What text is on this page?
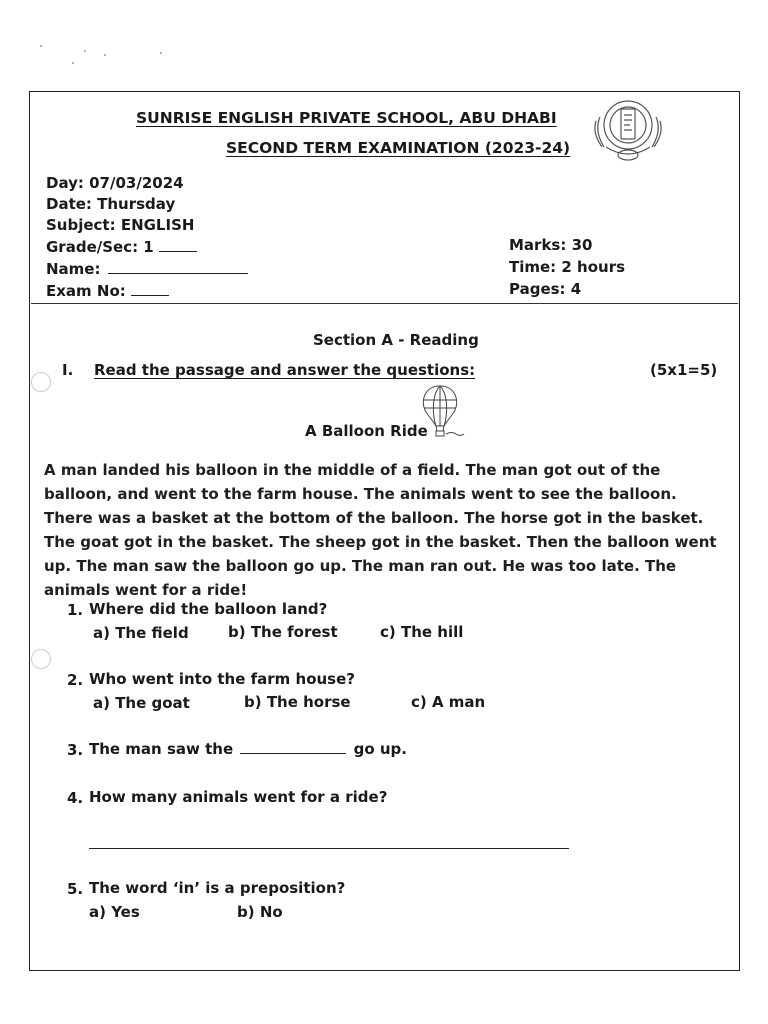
SUNRISE ENGLISH PRIVATE SCHOOL, ABU DHABI
SECOND TERM EXAMINATION (2023-24)
Day: 07/03/2024
Date: Thursday
Subject: ENGLISH
Grade/Sec: 1
Name:
Exam No:
Marks: 30
Time: 2 hours
Pages: 4
Section A - Reading
I. Read the passage and answer the questions:	(5x1=5)
A Balloon Ride
A man landed his balloon in the middle of a field. The man got out of the balloon, and went to the farm house. The animals went to see the balloon. There was a basket at the bottom of the balloon. The horse got in the basket. The goat got in the basket. The sheep got in the basket. Then the balloon went up. The man saw the balloon go up. The man ran out. He was too late. The animals went for a ride!
1. Where did the balloon land?
a) The field	b) The forest	c) The hill
2. Who went into the farm house?
a) The goat	b) The horse	c) A man
3. The man saw the	go up.
4. How many animals went for a ride?
5. The word ‘in’ is a preposition?
a) Yes	b) No
